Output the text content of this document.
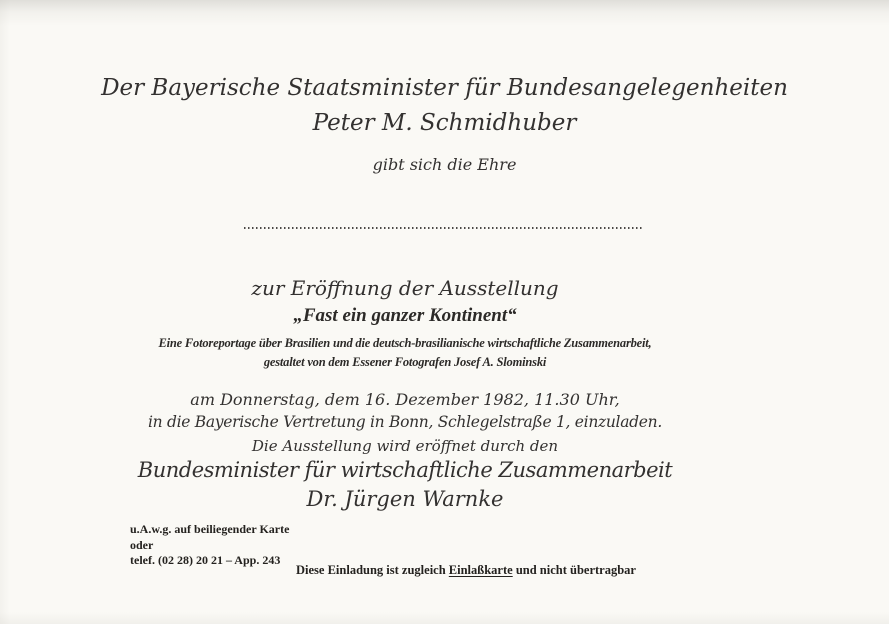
Der Bayerische Staatsminister für Bundesangelegenheiten
Peter M. Schmidhuber
gibt sich die Ehre
zur Eröffnung der Ausstellung
„Fast ein ganzer Kontinent“
Eine Fotoreportage über Brasilien und die deutsch-brasilianische wirtschaftliche Zusammenarbeit,
gestaltet von dem Essener Fotografen Josef A. Slominski
am Donnerstag, dem 16. Dezember 1982, 11.30 Uhr,
in die Bayerische Vertretung in Bonn, Schlegelstraße 1, einzuladen.
Die Ausstellung wird eröffnet durch den
Bundesminister für wirtschaftliche Zusammenarbeit
Dr. Jürgen Warnke
u.A.w.g. auf beiliegender Karte
oder
telef. (02 28) 20 21 – App. 243
Diese Einladung ist zugleich Einlaßkarte und nicht übertragbar
